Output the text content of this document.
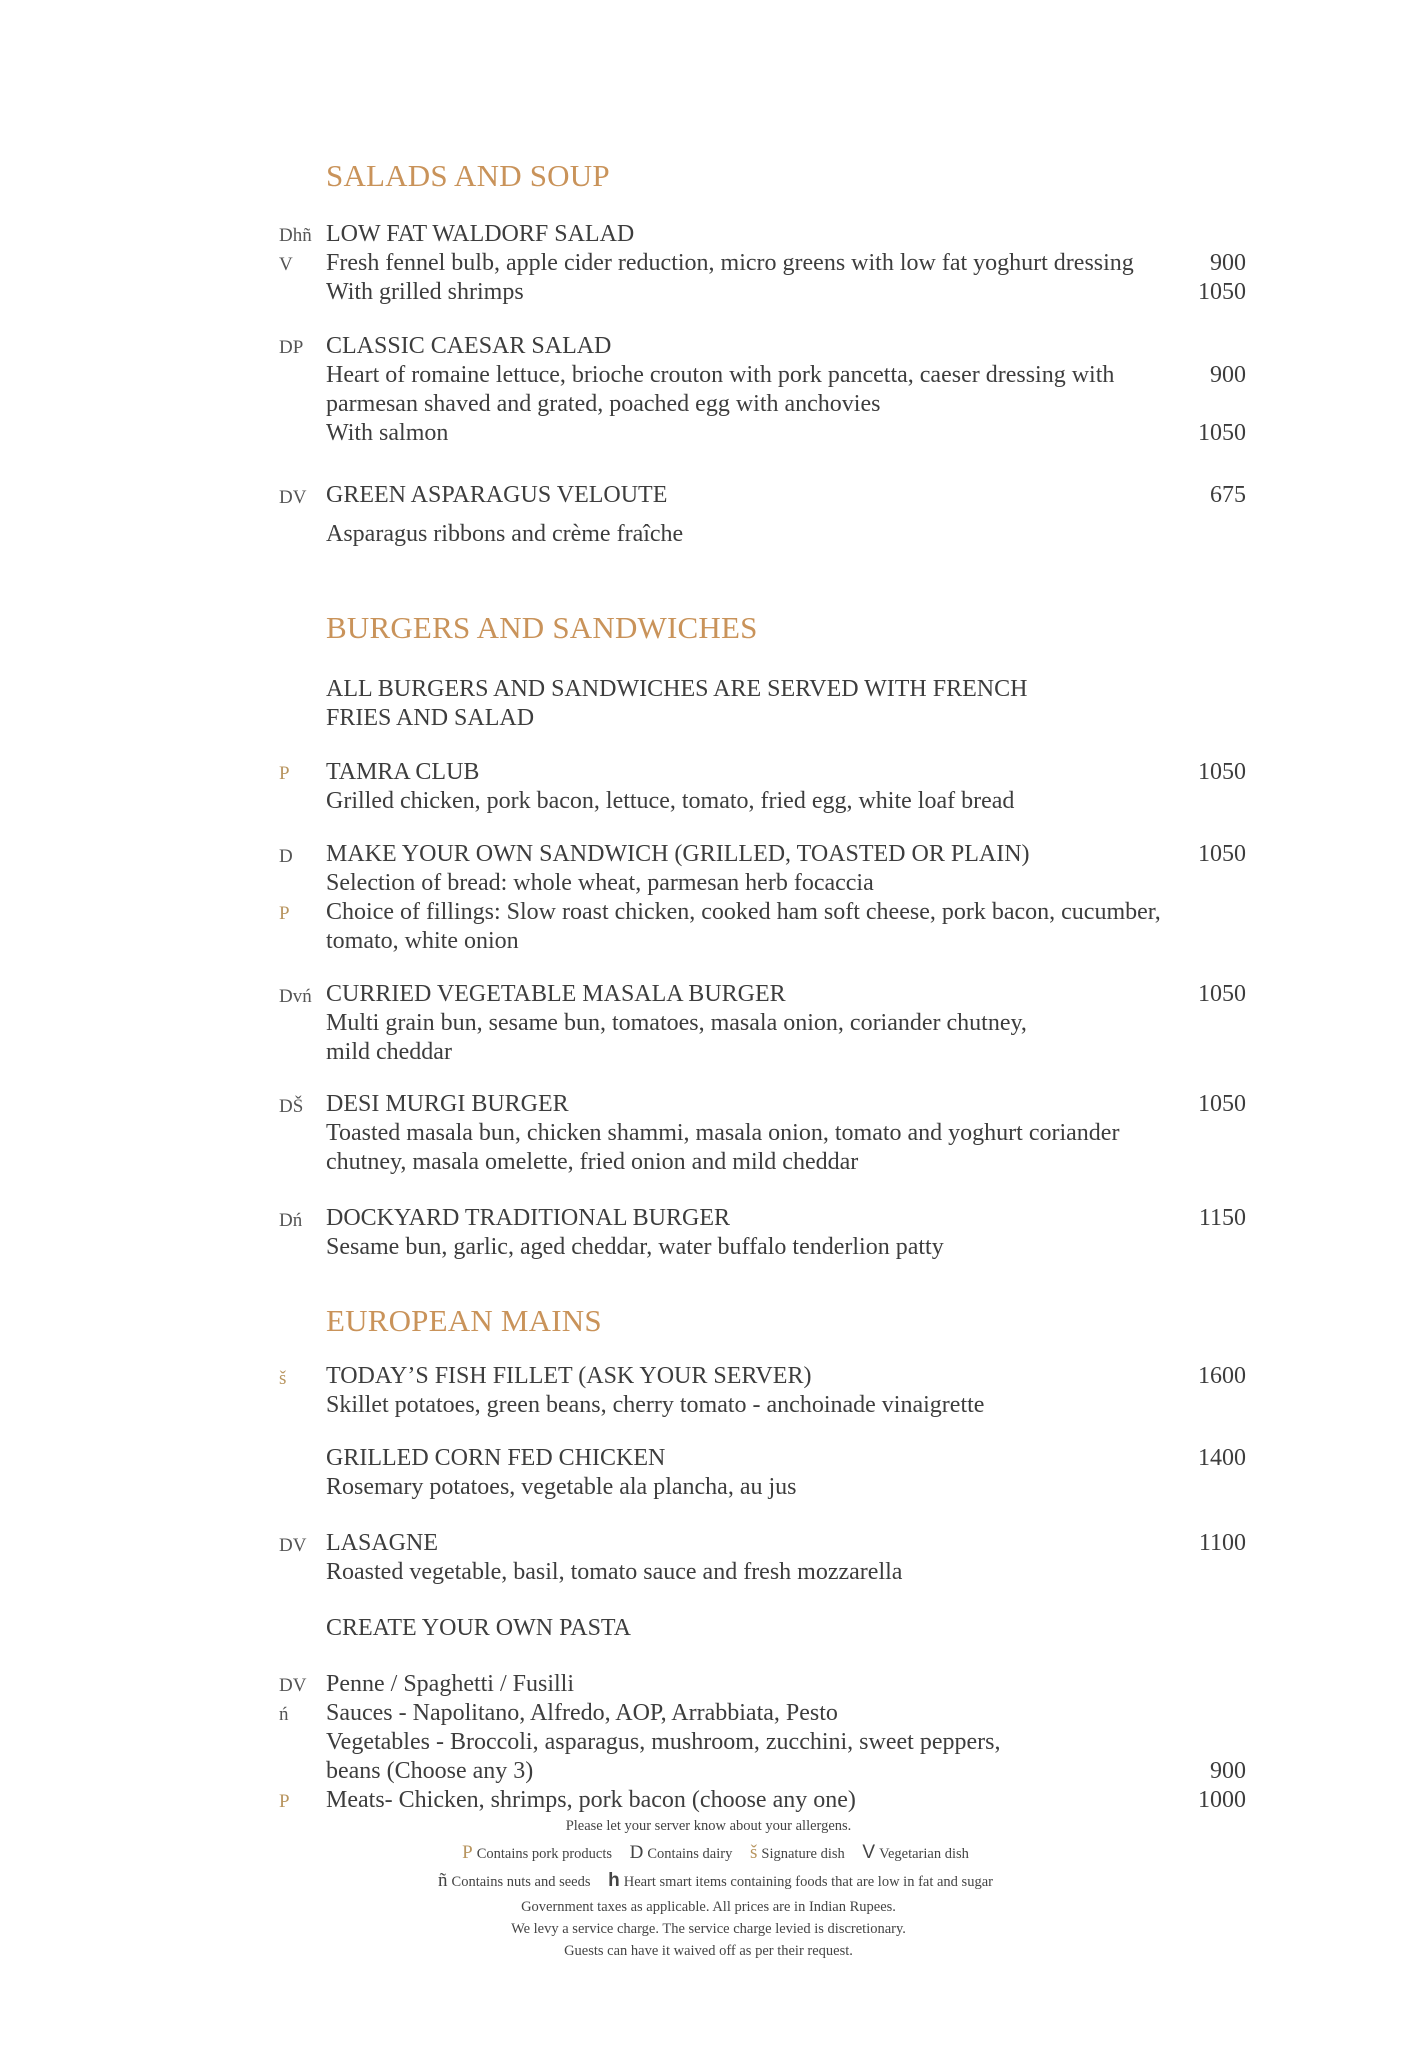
SALADS AND SOUP
Dhñ LOW FAT WALDORF SALAD
V Fresh fennel bulb, apple cider reduction, micro greens with low fat yoghurt dressing	900
With grilled shrimps	1050
DP CLASSIC CAESAR SALAD
Heart of romaine lettuce, brioche crouton with pork pancetta, caeser dressing with	900
parmesan shaved and grated, poached egg with anchovies
With salmon	1050
DV GREEN ASPARAGUS VELOUTE	675
Asparagus ribbons and crème fraîche
BURGERS AND SANDWICHES
ALL BURGERS AND SANDWICHES ARE SERVED WITH FRENCH
FRIES AND SALAD
P TAMRA CLUB	1050
Grilled chicken, pork bacon, lettuce, tomato, fried egg, white loaf bread
D MAKE YOUR OWN SANDWICH (GRILLED, TOASTED OR PLAIN)	1050
Selection of bread: whole wheat, parmesan herb focaccia
P Choice of fillings: Slow roast chicken, cooked ham soft cheese, pork bacon, cucumber,
tomato, white onion
Dvń CURRIED VEGETABLE MASALA BURGER	1050
Multi grain bun, sesame bun, tomatoes, masala onion, coriander chutney,
mild cheddar
DŠ DESI MURGI BURGER	1050
Toasted masala bun, chicken shammi, masala onion, tomato and yoghurt coriander
chutney, masala omelette, fried onion and mild cheddar
Dń DOCKYARD TRADITIONAL BURGER	1150
Sesame bun, garlic, aged cheddar, water buffalo tenderlion patty
EUROPEAN MAINS
š TODAY’S FISH FILLET (ASK YOUR SERVER)	1600
Skillet potatoes, green beans, cherry tomato - anchoinade vinaigrette
GRILLED CORN FED CHICKEN	1400
Rosemary potatoes, vegetable ala plancha, au jus
DV LASAGNE	1100
Roasted vegetable, basil, tomato sauce and fresh mozzarella
CREATE YOUR OWN PASTA
DV Penne / Spaghetti / Fusilli
ń Sauces - Napolitano, Alfredo, AOP, Arrabbiata, Pesto
Vegetables - Broccoli, asparagus, mushroom, zucchini, sweet peppers,
beans (Choose any 3)	900
P Meats- Chicken, shrimps, pork bacon (choose any one)	1000
Please let your server know about your allergens.
P Contains pork products D Contains dairy š Signature dish V Vegetarian dish
ñ Contains nuts and seeds h Heart smart items containing foods that are low in fat and sugar
Government taxes as applicable. All prices are in Indian Rupees.
We levy a service charge. The service charge levied is discretionary.
Guests can have it waived off as per their request.
